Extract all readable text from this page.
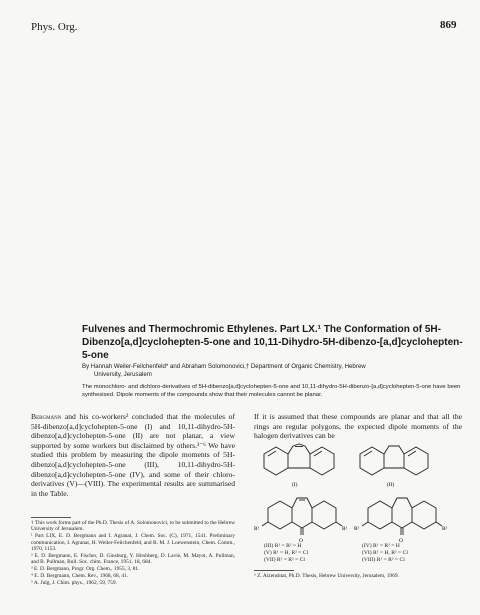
Phys. Org.	869
Fulvenes and Thermochromic Ethylenes. Part LX.¹ The Conformation of 5H-Dibenzo[a,d]cyclohepten-5-one and 10,11-Dihydro-5H-dibenzo-[a,d]cyclohepten-5-one
By Hannah Weiler-Feilchenfeld* and Abraham Solomonovici,† Department of Organic Chemistry, Hebrew
University, Jerusalem
The monochloro- and dichloro-derivatives of 5H-dibenzo[a,d]cyclohepten-5-one and 10,11-dihydro-5H-dibenzo-[a,d]cyclohepten-5-one have been synthesised. Dipole moments of the compounds show that their molecules cannot be planar.
Bergmann and his co-workers² concluded that the molecules of 5H-dibenzo[a,d]cyclohepten-5-one (I) and 10,11-dihydro-5H-dibenzo[a,d]cyclohepten-5-one (II) are not planar, a view supported by some workers but disclaimed by others.³⁻⁶ We have studied this problem by measuring the dipole moments of 5H-dibenzo[a,d]cyclohepten-5-one (III), 10,11-dihydro-5H-dibenzo[a,d]cyclohepten-5-one (IV), and some of their chloro-derivatives (V)—(VIII). The experimental results are summarised in the Table.
If it is assumed that these compounds are planar and that all the rings are regular polygons, the expected dipole moments of the halogen derivatives can be
(I)	(II)
O
R¹	R²
O
R¹	R²
(III) R¹ = R² = H
(V) R¹ = H, R² = Cl
(VII) R¹ = R² = Cl
(IV) R¹ = R² = H
(VI) R¹ = H, R² = Cl
(VIII) R¹ = R² = Cl

† This work forms part of the Ph.D. Thesis of A. Solomonovici, to be submitted to the Hebrew University of Jerusalem.

¹ Part LIX, E. D. Bergmann and I. Agranat, J. Chem. Soc. (C), 1971, 1541. Preliminary communication, I. Agranat, H. Weiler-Feilchenfeld, and R. M. J. Loewenstein, Chem. Comm., 1970, 1153.

² E. D. Bergmann, E. Fischer, D. Ginsburg, Y. Hirshberg, D. Lavie, M. Mayot, A. Pullman, and B. Pullman, Bull. Soc. chim. France, 1951, 18, 684.

³ E. D. Bergmann, Progr. Org. Chem., 1955, 3, 81.

⁴ E. D. Bergmann, Chem. Rev., 1968, 68, 41.

⁵ A. Julg, J. Chim. phys., 1962, 59, 759.

⁶ Z. Aizenshtat, Ph.D. Thesis, Hebrew University, Jerusalem, 1969.
